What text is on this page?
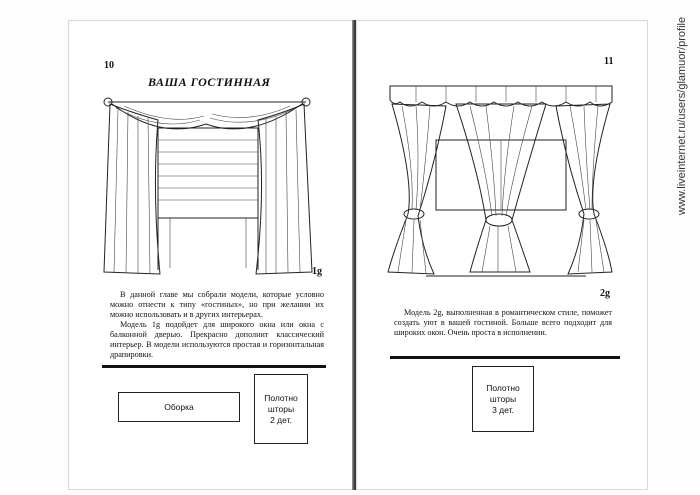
10
ВАША ГОСТИННАЯ
1g

В данной главе мы собрали модели, которые условно можно отнести к типу «гостиных», но при желании их можно использовать и в других интерьерах.

Модель 1g подойдет для широкого окна или окна с балконной дверью. Прекрасно дополнит классический интерьер. В модели используются простая и горизонтальная драпировки.

Оборка
Полотно
шторы
2 дет.
11
2g

Модель 2g, выполненная в романтическом стиле, поможет создать уют в вашей гостиной. Больше всего подходит для широких окон. Очень проста в исполнении.

Полотно
шторы
3 дет.
www.liveinternet.ru/users/glamuor/profile
